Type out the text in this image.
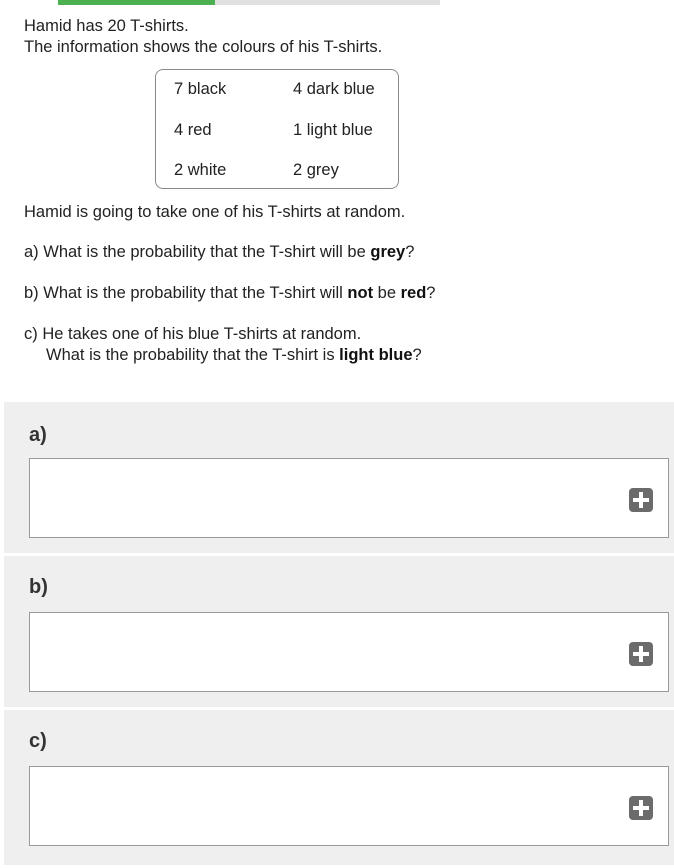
Hamid has 20 T-shirts.

The information shows the colours of his T-shirts.

7 black	4 dark blue
4 red	1 light blue
2 white	2 grey
Hamid is going to take one of his T-shirts at random.
a) What is the probability that the T-shirt will be grey?
b) What is the probability that the T-shirt will not be red?
c) He takes one of his blue T-shirts at random.
What is the probability that the T-shirt is light blue?
a)
b)
c)
